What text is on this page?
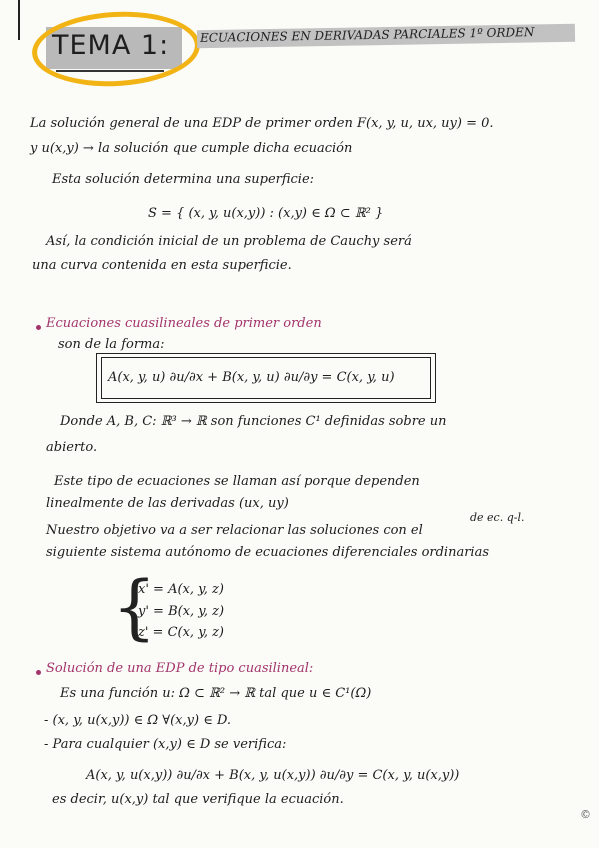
TEMA 1:	ECUACIONES EN DERIVADAS PARCIALES 1º ORDEN
La solución general de una EDP de primer orden F(x, y, u, ux, uy) = 0.
y u(x,y) → la solución que cumple dicha ecuación
Esta solución determina una superficie:
S = { (x, y, u(x,y)) : (x,y) ∈ Ω ⊂ ℝ² }
Así, la condición inicial de un problema de Cauchy será
una curva contenida en esta superficie.
Ecuaciones cuasilineales de primer orden
son de la forma:
A(x, y, u) ∂u/∂x + B(x, y, u) ∂u/∂y = C(x, y, u)
Donde A, B, C: ℝ³ → ℝ son funciones C¹ definidas sobre un
abierto.
Este tipo de ecuaciones se llaman así porque dependen
linealmente de las derivadas (ux, uy)
de ec. q-l.
Nuestro objetivo va a ser relacionar las soluciones con el
siguiente sistema autónomo de ecuaciones diferenciales ordinarias
{
x' = A(x, y, z)
y' = B(x, y, z)
z' = C(x, y, z)
Solución de una EDP de tipo cuasilineal:
Es una función u: Ω ⊂ ℝ² → ℝ tal que u ∈ C¹(Ω)
- (x, y, u(x,y)) ∈ Ω ∀(x,y) ∈ D.
- Para cualquier (x,y) ∈ D se verifica:
A(x, y, u(x,y)) ∂u/∂x + B(x, y, u(x,y)) ∂u/∂y = C(x, y, u(x,y))
es decir, u(x,y) tal que verifique la ecuación.
©
